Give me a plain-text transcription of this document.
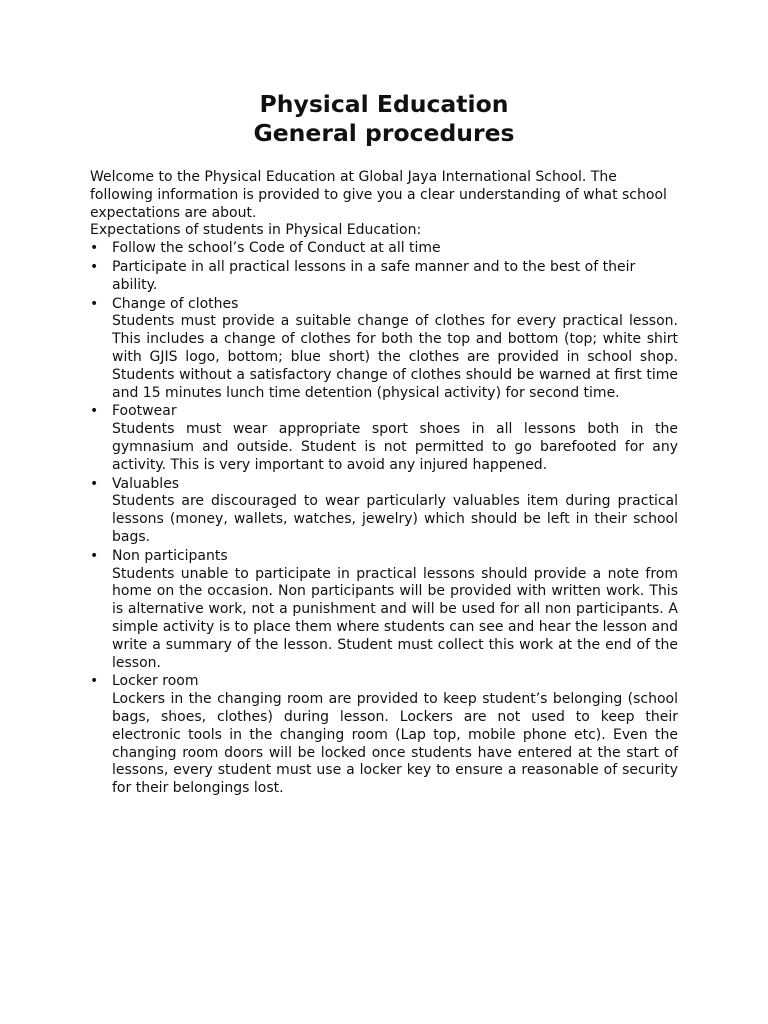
Physical Education
General procedures
Welcome to the Physical Education at Global Jaya International School. The following information is provided to give you a clear understanding of what school expectations are about.
Expectations of students in Physical Education:
• Follow the school’s Code of Conduct at all time
• Participate in all practical lessons in a safe manner and to the best of their ability.
• Change of clothes
Students must provide a suitable change of clothes for every practical lesson. This includes a change of clothes for both the top and bottom (top; white shirt with GJIS logo, bottom; blue short) the clothes are provided in school shop. Students without a satisfactory change of clothes should be warned at first time and 15 minutes lunch time detention (physical activity) for second time.
• Footwear
Students must wear appropriate sport shoes in all lessons both in the gymnasium and outside. Student is not permitted to go barefooted for any activity. This is very important to avoid any injured happened.
• Valuables
Students are discouraged to wear particularly valuables item during practical lessons (money, wallets, watches, jewelry) which should be left in their school bags.
• Non participants
Students unable to participate in practical lessons should provide a note from home on the occasion. Non participants will be provided with written work. This is alternative work, not a punishment and will be used for all non participants. A simple activity is to place them where students can see and hear the lesson and write a summary of the lesson. Student must collect this work at the end of the lesson.
• Locker room
Lockers in the changing room are provided to keep student’s belonging (school bags, shoes, clothes) during lesson. Lockers are not used to keep their electronic tools in the changing room (Lap top, mobile phone etc). Even the changing room doors will be locked once students have entered at the start of lessons, every student must use a locker key to ensure a reasonable of security for their belongings lost.
